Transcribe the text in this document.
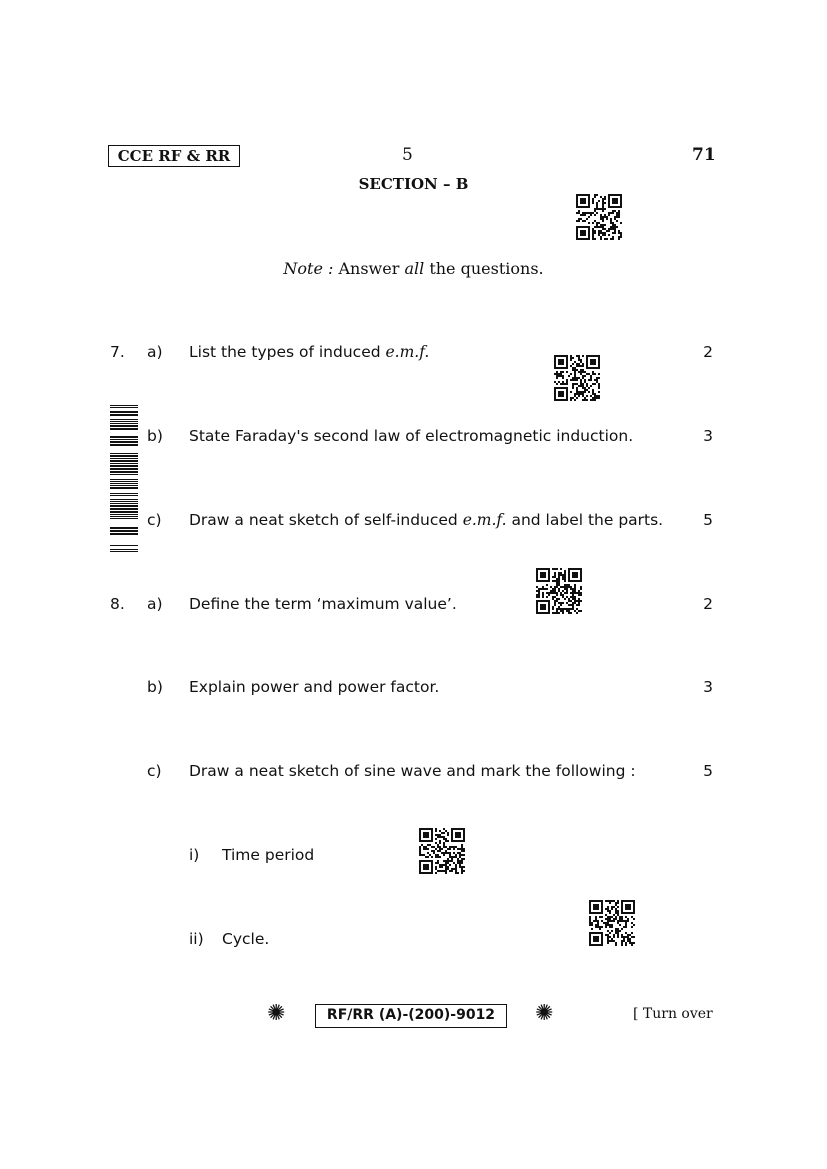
CCE RF & RR	5	71
SECTION – B
Note : Answer all the questions.
7. a) List the types of induced e.m.f.	2
b) State Faraday's second law of electromagnetic induction.	3
c) Draw a neat sketch of self-induced e.m.f. and label the parts.	5
8. a) Define the term ‘maximum value’.	2
b) Explain power and power factor.	3
c) Draw a neat sketch of sine wave and mark the following :	5
i) Time period
ii) Cycle.
✺	RF/RR (A)-(200)-9012	✺	[ Turn over
